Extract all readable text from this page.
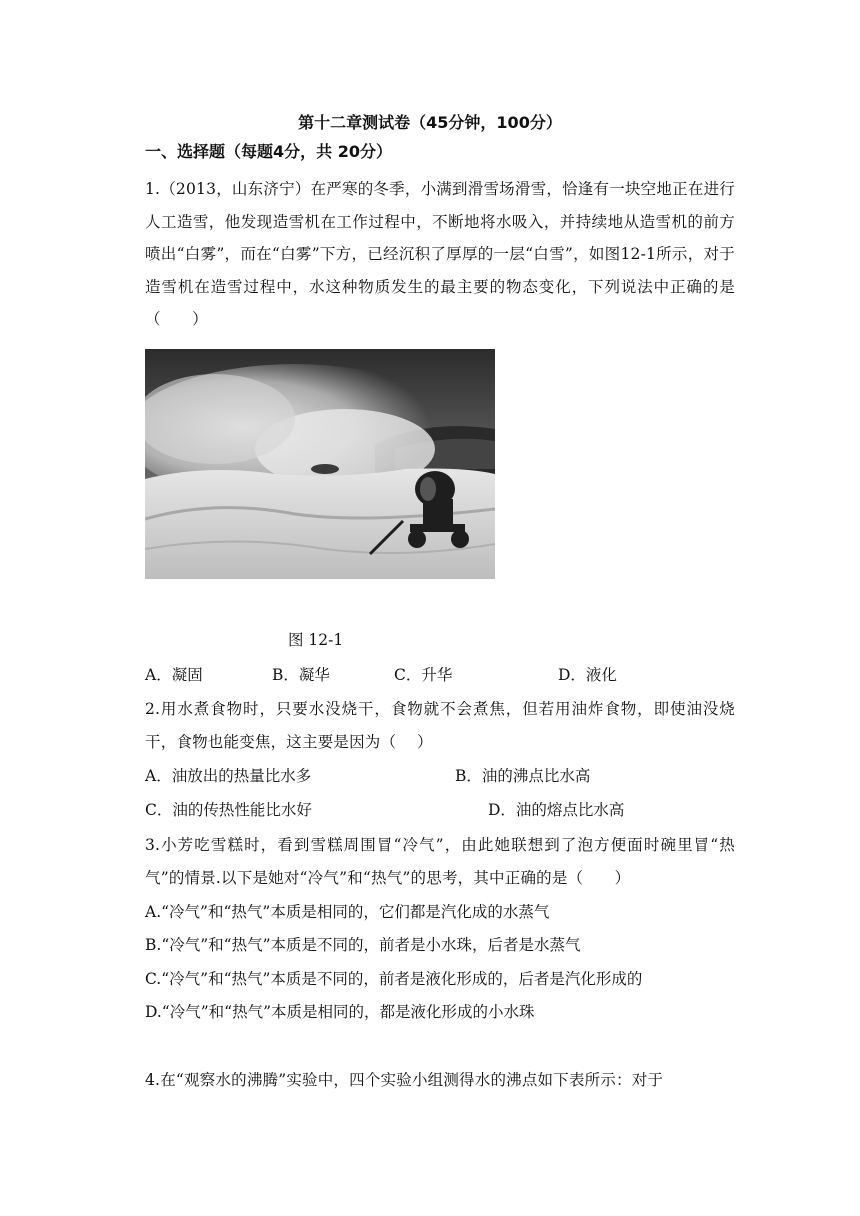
第十二章测试卷（45分钟，100分）
一、选择题（每题4分，共 20分）
1.（2013，山东济宁）在严寒的冬季，小满到滑雪场滑雪，恰逢有一块空地正在进行人工造雪，他发现造雪机在工作过程中，不断地将水吸入，并持续地从造雪机的前方喷出“白雾”，而在“白雾”下方，已经沉积了厚厚的一层“白雪”，如图12-1所示，对于造雪机在造雪过程中，水这种物质发生的最主要的物态变化，下列说法中正确的是（　　）
图 12-1
A．凝固	B．凝华	C．升华	D．液化
2.用水煮食物时，只要水没烧干，食物就不会煮焦，但若用油炸食物，即使油没烧干，食物也能变焦，这主要是因为（　 ）
A．油放出的热量比水多	B．油的沸点比水高
C．油的传热性能比水好	D．油的熔点比水高
3.小芳吃雪糕时，看到雪糕周围冒“冷气”，由此她联想到了泡方便面时碗里冒“热气”的情景.以下是她对“冷气”和“热气”的思考，其中正确的是（　　）
A.“冷气”和“热气”本质是相同的，它们都是汽化成的水蒸气
B.“冷气”和“热气”本质是不同的，前者是小水珠，后者是水蒸气
C.“冷气”和“热气”本质是不同的，前者是液化形成的，后者是汽化形成的
D.“冷气”和“热气”本质是相同的，都是液化形成的小水珠
4.在“观察水的沸腾”实验中，四个实验小组测得水的沸点如下表所示：对于
